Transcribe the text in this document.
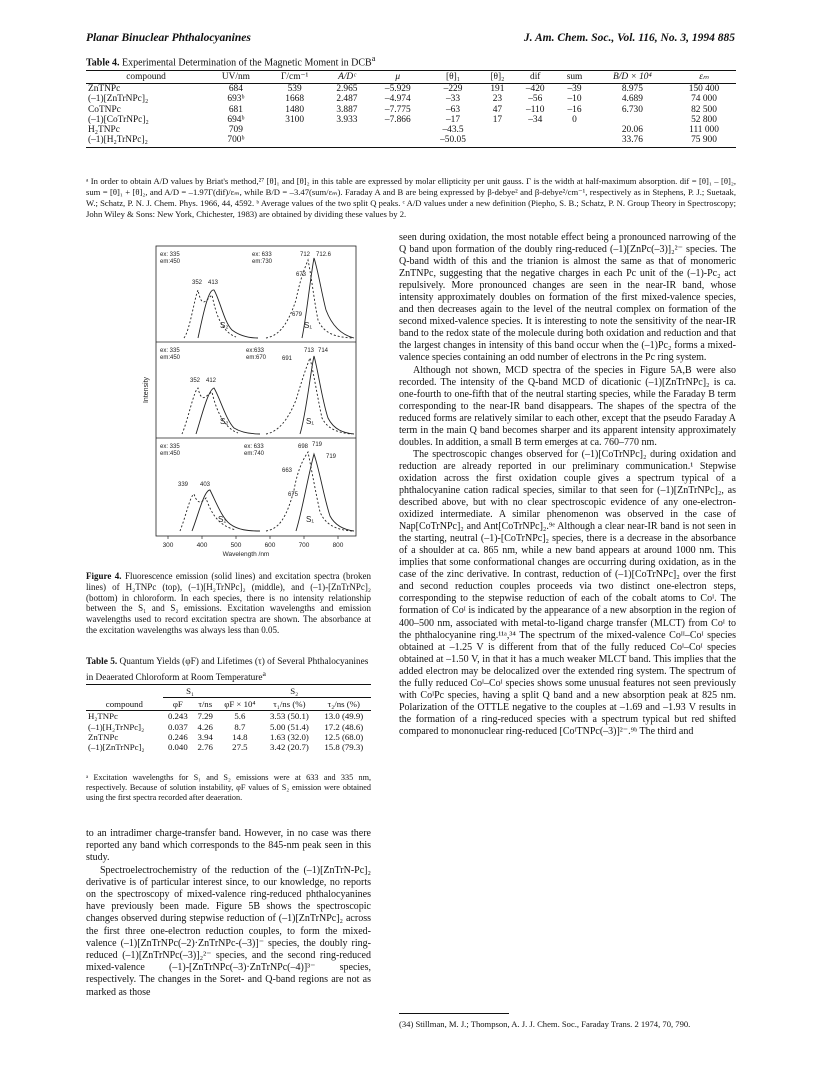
Planar Binuclear Phthalocyanines	J. Am. Chem. Soc., Vol. 116, No. 3, 1994 885
Table 4. Experimental Determination of the Magnetic Moment in DCB$^a$
compound	UV/nm	Γ/cm⁻¹	A/Dᶜ	μ	[θ]₁	[θ]₂	dif	sum	B/D × 10⁴	εₘ
ZnTNPc	684	539	2.965	–5.929	–229	191	–420	–39	8.975	150 400
(–1)[ZnTrNPc]₂	693ᵇ	1668	2.487	–4.974	–33	23	–56	–10	4.689	74 000
CoTNPc	681	1480	3.887	–7.775	–63	47	–110	–16	6.730	82 500
(–1)[CoTrNPc]₂	694ᵇ	3100	3.933	–7.866	–17	17	–34	0		52 800
H₂TNPc	709				–43.5				20.06	111 000
(–1)[H₂TrNPc]₂	700ᵇ				–50.05				33.76	75 900
ᵃ In order to obtain A/D values by Briat's method,²⁷ [θ]₁ and [θ]₂ in this table are expressed by molar ellipticity per unit gauss. Γ is the width at half-maximum absorption. dif = [θ]₁ – [θ]₂, sum = [θ]₁ + [θ]₂, and A/D = –1.97Γ(dif)/εₘ, while B/D = –3.47(sum/εₘ). Faraday A and B are being expressed by β-debye² and β-debye²/cm⁻¹, respectively as in Stephens, P. J.; Suetaak, W.; Schatz, P. N. J. Chem. Phys. 1966, 44, 4592. ᵇ Average values of the two split Q peaks. ᶜ A/D values under a new definition (Piepho, S. B.; Schatz, P. N. Group Theory in Spectroscopy; John Wiley & Sons: New York, Chichester, 1983) are obtained by dividing these values by 2.
300	400	500	600	700	800
Wavelength /nm
Intensity
ex: 335
em:450
ex: 633
em:730
352 413
673
679
712 712.6
S₂	S₁
ex: 335
em:450
ex:633
em:670
352 412
691
713 714
S₂	S₁
ex: 335
em:450
ex: 633
em:740
339 403
663
675
698 719
719
S₂	S₁
Figure 4. Fluorescence emission (solid lines) and excitation spectra (broken lines) of H₂TNPc (top), (–1)[H₂TrNPc]₂ (middle), and (–1)-[ZnTrNPc]₂ (bottom) in chloroform. In each species, there is no intensity relationship between the S₁ and S₂ emissions. Excitation wavelengths and emission wavelengths used to record excitation spectra are shown. The absorbance at the excitation wavelengths was always less than 0.05.
Table 5. Quantum Yields (φF) and Lifetimes (τ) of Several Phthalocyanines in Deaerated Chloroform at Room Temperature$^a$
	S₁		S₂		
compound	φF	τ/ns	φF × 10⁴	τ₁/ns (%)	τ₂/ns (%)
H₂TNPc	0.243	7.29	5.6	3.53 (50.1)	13.0 (49.9)
(–1)[H₂TrNPc]₂	0.037	4.26	8.7	5.00 (51.4)	17.2 (48.6)
ZnTNPc	0.246	3.94	14.8	1.63 (32.0)	12.5 (68.0)
(–1)[ZnTrNPc]₂	0.040	2.76	27.5	3.42 (20.7)	15.8 (79.3)
ᵃ Excitation wavelengths for S₁ and S₂ emissions were at 633 and 335 nm, respectively. Because of solution instability, φF values of S₂ emission were obtained using the first spectra recorded after deaeration.

to an intradimer charge-transfer band. However, in no case was there reported any band which corresponds to the 845-nm peak seen in this study.

Spectroelectrochemistry of the reduction of the (–1)[ZnTrN-Pc]₂ derivative is of particular interest since, to our knowledge, no reports on the spectroscopy of mixed-valence ring-reduced phthalocyanines have previously been made. Figure 5B shows the spectroscopic changes observed during stepwise reduction of (–1)[ZnTrNPc]₂ across the first three one-electron reduction couples, to form the mixed-valence (–1)[ZnTrNPc(–2)·ZnTrNPc-(–3)]⁻ species, the doubly ring-reduced (–1)[ZnTrNPc(–3)]₂²⁻ species, and the second ring-reduced mixed-valence (–1)-[ZnTrNPc(–3)·ZnTrNPc(–4)]³⁻ species, respectively. The changes in the Soret- and Q-band regions are not as marked as those

seen during oxidation, the most notable effect being a pronounced narrowing of the Q band upon formation of the doubly ring-reduced (–1)[ZnPc(–3)]₂²⁻ species. The Q-band width of this and the trianion is almost the same as that of monomeric ZnTNPc, suggesting that the negative charges in each Pc unit of the (–1)-Pc₂ act repulsively. More pronounced changes are seen in the near-IR band, whose intensity approximately doubles on formation of the first mixed-valence species, and then decreases again to the level of the neutral complex on formation of the second mixed-valence species. It is interesting to note the sensitivity of the near-IR band to the redox state of the molecule during both oxidation and reduction and that the largest changes in intensity of this band occur when the (–1)Pc₂ forms a mixed-valence species containing an odd number of electrons in the Pc ring system.

Although not shown, MCD spectra of the species in Figure 5A,B were also recorded. The intensity of the Q-band MCD of dicationic (–1)[ZnTrNPc]₂ is ca. one-fourth to one-fifth that of the neutral starting species, while the Faraday B term corresponding to the near-IR band disappears. The shapes of the spectra of the reduced forms are relatively similar to each other, except that the pseudo Faraday A term in the main Q band becomes sharper and its apparent intensity approximately doubles. In addition, a small B term emerges at ca. 760–770 nm.

The spectroscopic changes observed for (–1)[CoTrNPc]₂ during oxidation and reduction are already reported in our preliminary communication.¹ Stepwise oxidation across the first oxidation couple gives a spectrum typical of a phthalocyanine cation radical species, similar to that seen for (–1)[ZnTrNPc]₂, as described above, but with no clear spectroscopic evidence of any one-electron-oxidized intermediate. A similar phenomenon was observed in the case of Nap[CoTrNPc]₂ and Ant[CoTrNPc]₂.⁹ᵉ Although a clear near-IR band is not seen in the starting, neutral (–1)-[CoTrNPc]₂ species, there is a decrease in the absorbance of a shoulder at ca. 865 nm, while a new band appears at around 1000 nm. This implies that some conformational changes are occurring during oxidation, as in the case of the zinc derivative. In contrast, reduction of (–1)[CoTrNPc]₂ over the first and second reduction couples proceeds via two distinct one-electron steps, corresponding to the stepwise reduction of each of the cobalt atoms to Coᴵ. The formation of Coᴵ is indicated by the appearance of a new absorption in the region of 400–500 nm, associated with metal-to-ligand charge transfer (MLCT) from Coᴵ to the phthalocyanine ring.¹¹ᵃ,³⁴ The spectrum of the mixed-valence Coᴵᴵ–Coᴵ species obtained at –1.25 V is different from that of the fully reduced Coᴵ–Coᴵ species obtained at –1.50 V, in that it has a much weaker MLCT band. This implies that the added electron may be delocalized over the extended ring system. The spectrum of the fully reduced Coᴵ–Coᴵ species shows some unusual features not seen previously with CoᴵPc species, having a split Q band and a new absorption peak at 825 nm. Polarization of the OTTLE negative to the couples at –1.69 and –1.93 V results in the formation of a ring-reduced species with a spectrum typical but red shifted compared to mononuclear ring-reduced [CoᴵTNPc(–3)]²⁻.⁹ᵇ The third and

(34) Stillman, M. J.; Thompson, A. J. J. Chem. Soc., Faraday Trans. 2 1974, 70, 790.
